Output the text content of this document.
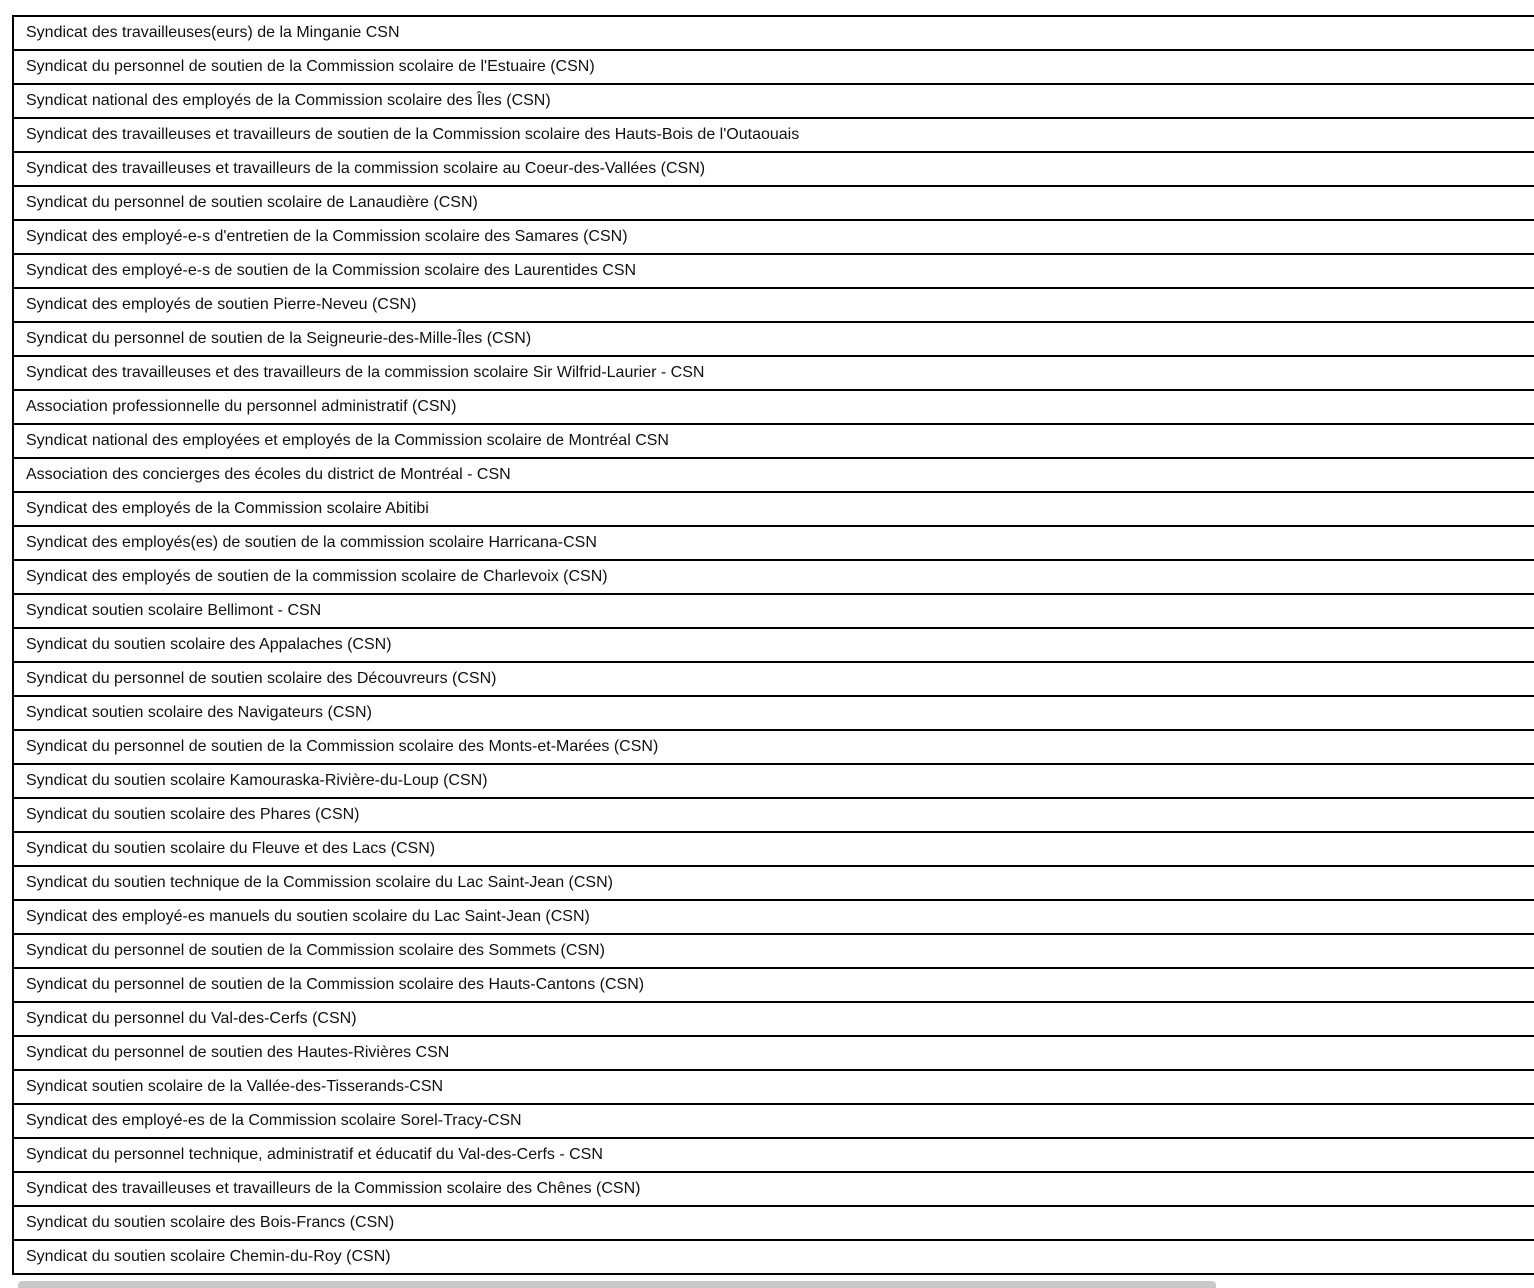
Syndicat des travailleuses(eurs) de la Minganie CSN
Syndicat du personnel de soutien de la Commission scolaire de l'Estuaire (CSN)
Syndicat national des employés de la Commission scolaire des Îles (CSN)
Syndicat des travailleuses et travailleurs de soutien de la Commission scolaire des Hauts-Bois de l'Outaouais
Syndicat des travailleuses et travailleurs de la commission scolaire au Coeur-des-Vallées (CSN)
Syndicat du personnel de soutien scolaire de Lanaudière (CSN)
Syndicat des employé-e-s d'entretien de la Commission scolaire des Samares (CSN)
Syndicat des employé-e-s de soutien de la Commission scolaire des Laurentides CSN
Syndicat des employés de soutien Pierre-Neveu (CSN)
Syndicat du personnel de soutien de la Seigneurie-des-Mille-Îles (CSN)
Syndicat des travailleuses et des travailleurs de la commission scolaire Sir Wilfrid-Laurier - CSN
Association professionnelle du personnel administratif (CSN)
Syndicat national des employées et employés de la Commission scolaire de Montréal CSN
Association des concierges des écoles du district de Montréal - CSN
Syndicat des employés de la Commission scolaire Abitibi
Syndicat des employés(es) de soutien de la commission scolaire Harricana-CSN
Syndicat des employés de soutien de la commission scolaire de Charlevoix (CSN)
Syndicat soutien scolaire Bellimont - CSN
Syndicat du soutien scolaire des Appalaches (CSN)
Syndicat du personnel de soutien scolaire des Découvreurs (CSN)
Syndicat soutien scolaire des Navigateurs (CSN)
Syndicat du personnel de soutien de la Commission scolaire des Monts-et-Marées (CSN)
Syndicat du soutien scolaire Kamouraska-Rivière-du-Loup (CSN)
Syndicat du soutien scolaire des Phares (CSN)
Syndicat du soutien scolaire du Fleuve et des Lacs (CSN)
Syndicat du soutien technique de la Commission scolaire du Lac Saint-Jean (CSN)
Syndicat des employé-es manuels du soutien scolaire du Lac Saint-Jean (CSN)
Syndicat du personnel de soutien de la Commission scolaire des Sommets (CSN)
Syndicat du personnel de soutien de la Commission scolaire des Hauts-Cantons (CSN)
Syndicat du personnel du Val-des-Cerfs (CSN)
Syndicat du personnel de soutien des Hautes-Rivières CSN
Syndicat soutien scolaire de la Vallée-des-Tisserands-CSN
Syndicat des employé-es de la Commission scolaire Sorel-Tracy-CSN
Syndicat du personnel technique, administratif et éducatif du Val-des-Cerfs - CSN
Syndicat des travailleuses et travailleurs de la Commission scolaire des Chênes (CSN)
Syndicat du soutien scolaire des Bois-Francs (CSN)
Syndicat du soutien scolaire Chemin-du-Roy (CSN)
